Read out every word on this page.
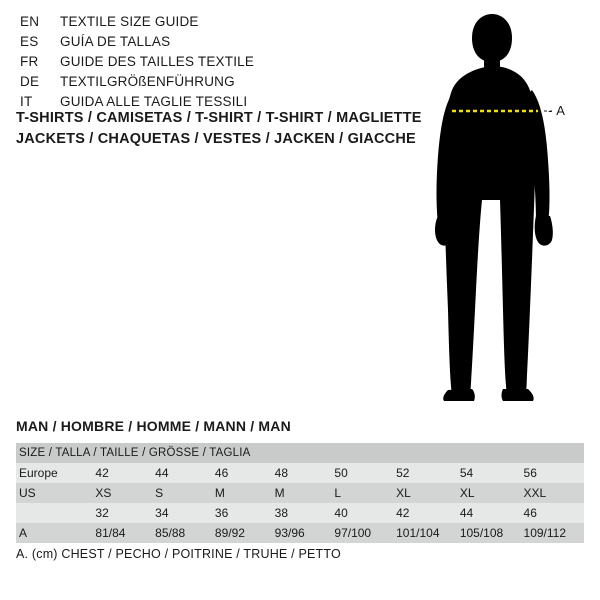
EN	TEXTILE SIZE GUIDE
ES	GUÍA DE TALLAS
FR	GUIDE DES TAILLES TEXTILE
DE	TEXTILGRÖßENFÜHRUNG
IT	GUIDA ALLE TAGLIE TESSILI
T-SHIRTS / CAMISETAS / T-SHIRT / T-SHIRT / MAGLIETTE
JACKETS / CHAQUETAS / VESTES / JACKEN / GIACCHE
- A
MAN / HOMBRE / HOMME / MANN / MAN
SIZE / TALLA / TAILLE / GRÖSSE / TAGLIA								
Europe	42	44	46	48	50	52	54	56
US	XS	S	M	M	L	XL	XL	XXL
	32	34	36	38	40	42	44	46
A	81/84	85/88	89/92	93/96	97/100	101/104	105/108	109/112
A. (cm) CHEST / PECHO / POITRINE / TRUHE / PETTO
